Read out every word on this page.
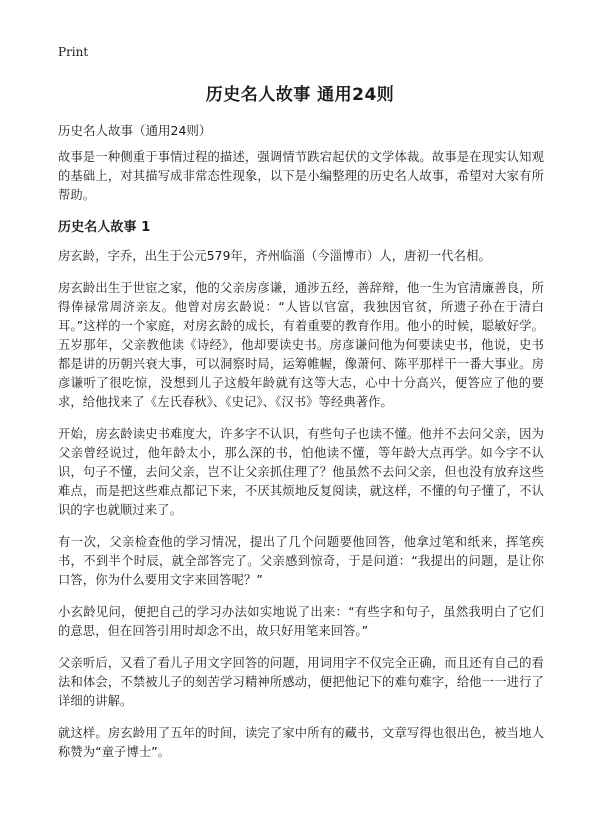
Print
历史名人故事 通用24则
历史名人故事（通用24则）

故事是一种侧重于事情过程的描述，强调情节跌宕起伏的文学体裁。故事是在现实认知观的基础上，对其描写成非常态性现象，以下是小编整理的历史名人故事，希望对大家有所帮助。

历史名人故事 1

房玄龄，字乔，出生于公元579年，齐州临淄（今淄博市）人，唐初一代名相。

房玄龄出生于世宦之家，他的父亲房彦谦，通涉五经，善辞辩，他一生为官清廉善良，所得俸禄常周济亲友。他曾对房玄龄说：“人皆以官富，我独因官贫，所遗子孙在于清白耳。”这样的一个家庭，对房玄龄的成长，有着重要的教育作用。他小的时候，聪敏好学。五岁那年，父亲教他读《诗经》，他却要读史书。房彦谦问他为何要读史书，他说，史书都是讲的历朝兴衰大事，可以洞察时局，运筹帷幄，像萧何、陈平那样干一番大事业。房彦谦听了很吃惊，没想到儿子这般年龄就有这等大志，心中十分高兴，便答应了他的要求，给他找来了《左氏春秋》、《史记》、《汉书》等经典著作。

开始，房玄龄读史书难度大，许多字不认识，有些句子也读不懂。他并不去问父亲，因为父亲曾经说过，他年龄太小，那么深的书，怕他读不懂，等年龄大点再学。如今字不认识，句子不懂，去问父亲，岂不让父亲抓住理了？他虽然不去问父亲，但也没有放弃这些难点，而是把这些难点都记下来，不厌其烦地反复阅读，就这样，不懂的句子懂了，不认识的字也就顺过来了。

有一次，父亲检查他的学习情况，提出了几个问题要他回答，他拿过笔和纸来，挥笔疾书，不到半个时辰，就全部答完了。父亲感到惊奇，于是问道：“我提出的问题，是让你口答，你为什么要用文字来回答呢？”

小玄龄见问，便把自己的学习办法如实地说了出来：“有些字和句子，虽然我明白了它们的意思，但在回答引用时却念不出，故只好用笔来回答。”

父亲听后，又看了看儿子用文字回答的问题，用词用字不仅完全正确，而且还有自己的看法和体会，不禁被儿子的刻苦学习精神所感动，便把他记下的难句难字，给他一一进行了详细的讲解。

就这样。房玄龄用了五年的时间，读完了家中所有的藏书，文章写得也很出色，被当地人称赞为“童子博士”。
